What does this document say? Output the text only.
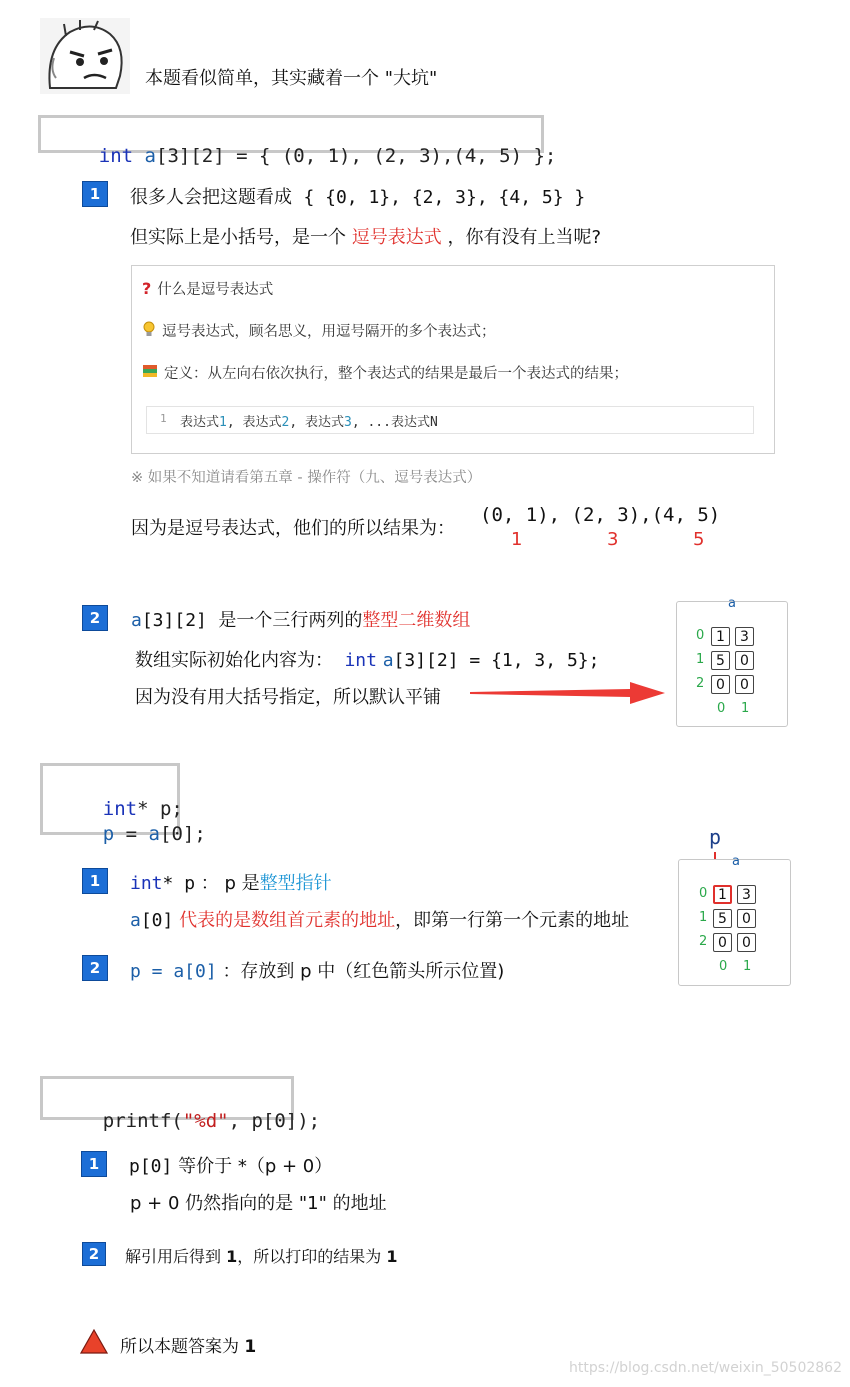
本题看似简单，其实藏着一个 "大坑"

int a[3][2] = { (0, 1), (2, 3),(4, 5) };

1	很多人会把这题看成 { {0, 1}, {2, 3}, {4, 5} }
但实际上是小括号，是一个 逗号表达式 ，你有没有上当呢?
? 什么是逗号表达式
逗号表达式，顾名思义，用逗号隔开的多个表达式；
定义：从左向右依次执行，整个表达式的结果是最后一个表达式的结果；
1 表达式1, 表达式2, 表达式3, ...表达式N
※ 如果不知道请看第五章 - 操作符（九、逗号表达式）
因为是逗号表达式，他们的所以结果为：
(0, 1), (2, 3),(4, 5)
1	3	5
2	a[3][2] 是一个三行两列的整型二维数组
数组实际初始化内容为： int a[3][2] = {1, 3, 5};
因为没有用大括号指定，所以默认平铺
a
0 1	3
1 5	0
2 0	0
0 1

int* p;

p = a[0];

1	int* p ： p 是整型指针
a[0] 代表的是数组首元素的地址，即第一行第一个元素的地址
2	p = a[0] ：存放到 p 中（红色箭头所示位置)
p
a
0 1	3
1 5	0
2 0	0
0 1

printf("%d", p[0]);

1	p[0] 等价于 *（p + 0）
p + 0 仍然指向的是 "1" 的地址
2	解引用后得到 1，所以打印的结果为 1
所以本题答案为 1
https://blog.csdn.net/weixin_50502862
